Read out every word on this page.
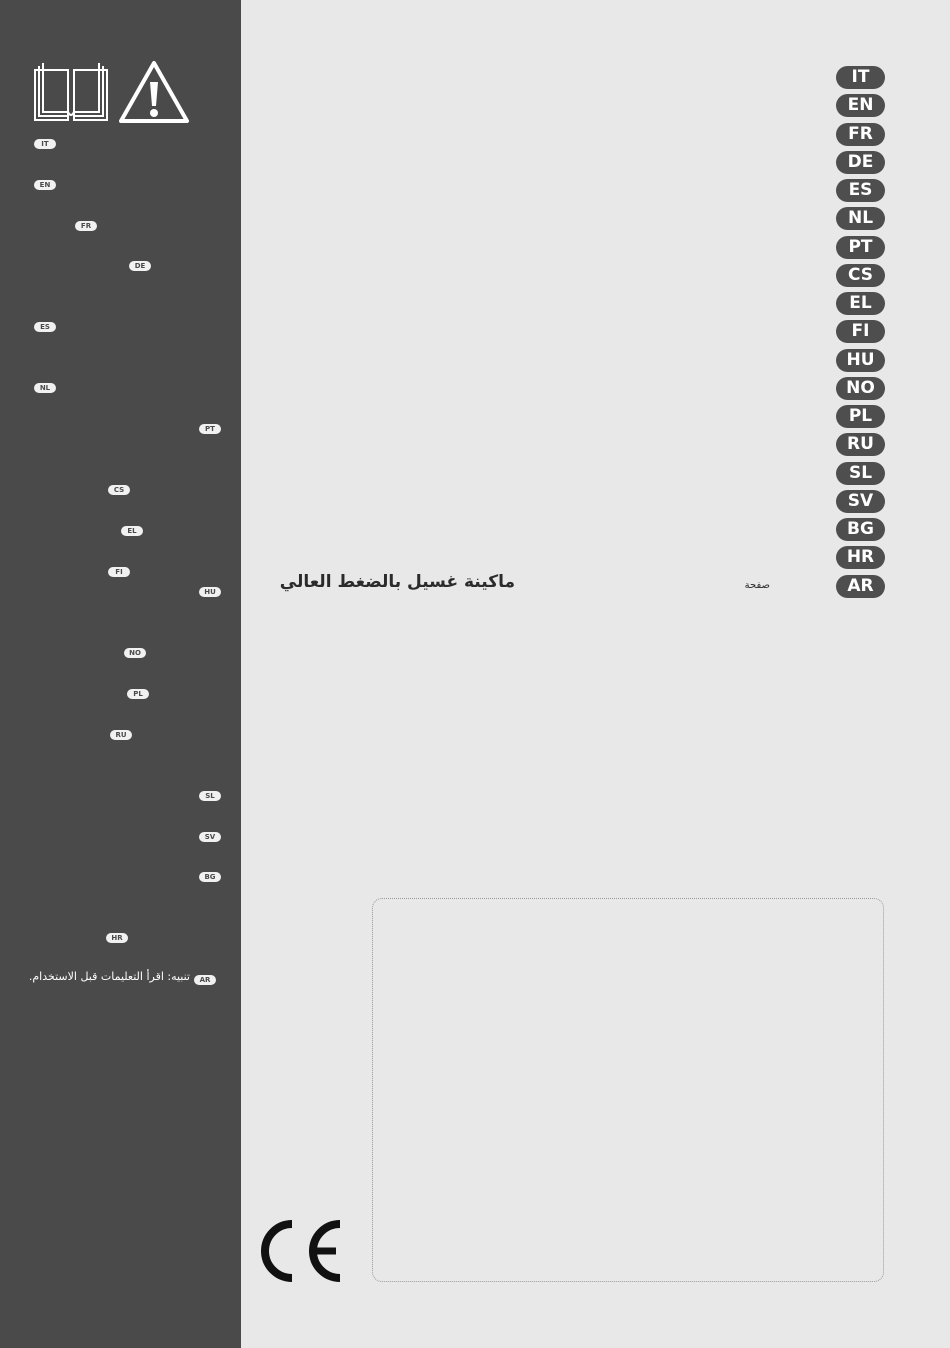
IT
EN
FR
DE
ES
NL
PT
CS
EL
FI
HU
NO
PL
RU
SL
SV
BG
HR
AR
تنبيه: اقرأ التعليمات قبل الاستخدام.
IT
EN
FR
DE
ES
NL
PT
CS
EL
FI
HU
NO
PL
RU
SL
SV
BG
HR
AR
ماكينة غسيل بالضغط العالي	صفحة
